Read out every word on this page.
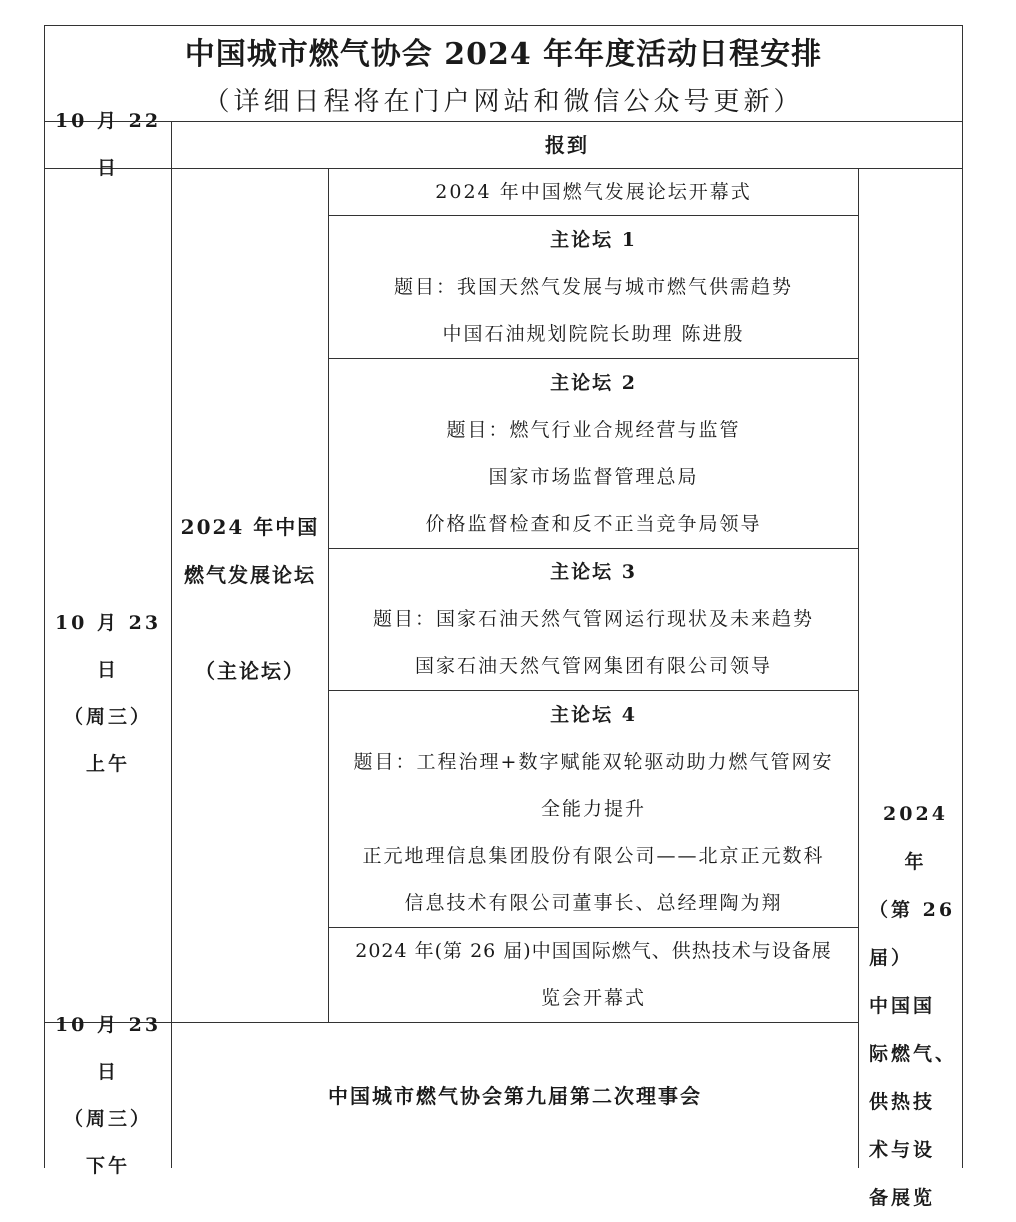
中国城市燃气协会 2024 年年度活动日程安排
（详细日程将在门户网站和微信公众号更新）
10 月 22 日
报到
10 月 23 日
（周三）
上午
2024 年中国
燃气发展论坛
（主论坛）
2024 年中国燃气发展论坛开幕式
主论坛 1
题目：我国天然气发展与城市燃气供需趋势
中国石油规划院院长助理 陈进殷
主论坛 2
题目：燃气行业合规经营与监管
国家市场监督管理总局
价格监督检查和反不正当竞争局领导
主论坛 3
题目：国家石油天然气管网运行现状及未来趋势
国家石油天然气管网集团有限公司领导
主论坛 4
题目：工程治理+数字赋能双轮驱动助力燃气管网安
全能力提升
正元地理信息集团股份有限公司——北京正元数科
信息技术有限公司董事长、总经理陶为翔
2024 年(第 26 届)中国国际燃气、供热技术与设备展
览会开幕式
10 月 23 日
（周三）
下午
中国城市燃气协会第九届第二次理事会
2024 年
（第 26
届）
中国国
际燃气、
供热技
术与设
备展览
